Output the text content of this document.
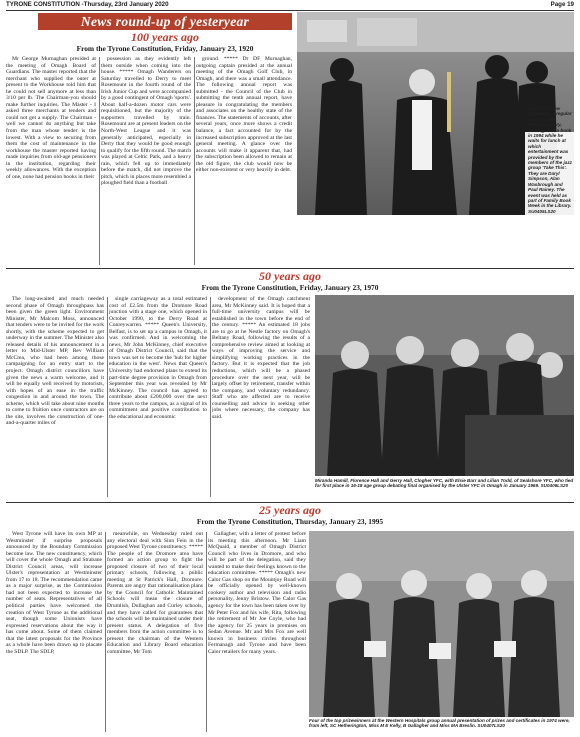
TYRONE CONSTITUTION -Thursday, 23rd January 2020	Page 19
News round-up of yesteryear
100 years ago
From the Tyrone Constitution, Friday, January 23, 1920

Mr George Murnaghan presided at the meeting of Omagh Board of Guardians. The master reported that the merchant who supplied the outer at present to the Workhouse told him that he could not sell anymore at less than 3/10 per lb. The Chairman-you should make further inquiries. The Master - I asked three merchants at tenders and could not get a supply. The Chairman - well we cannot do anything but take from the man whose tender is the lowest. With a view to securing from them the cost of maintenance in the workhouse the master reported having made inquiries from old-age pensioners in the institution, regarding their weekly allowances. With the exception of one, none had pension books in their

possession as they evidently left them outside when coming into the house. ***** Omagh Wanderers on Saturday travelled to Derry to meet Rosemount in the fourth round of the Irish Junior Cup and were accompanied by a good contingent of Omagh 'sports'. About half-a-dozen motor cars were requisitioned, but the majority of the supporters travelled by train. Rosemount are at present leaders on the North-West League and it was generally anticipated, especially in Derry that they would be good enough to qualify for the fifth round. The match was played at Celtic Park, and a heavy rain, which fell up to immediately before the match, did not improve the pitch, which in places more resembled a ploughed field than a football

ground. ***** Dr DF Murnaghan, outgoing captain presided at the annual meeting of the Omagh Golf Club, in Omagh, and there was a small attendance. The following annual report was submitted - the Council of the Club in submitting the tenth annual report, have pleasure in congratulating the members and associates on the healthy state of the finances. The statements of accounts, after several years, once more shows a credit balance, a fact accounted for by the increased subscription approved at the last general meeting. A glance over the accounts will make it apparent that, had the subscription been allowed to remain at the old figure, the club would now be either non-existent or very heavily in debt.

LEFT: Mr Drew McGowan, a regular visitor to the Omagh Library, looking over a book in 1994 while he waits for lunch at which entertainment was provided by the members of the jazz group 'Take This'. They are Daryl Simpson, Alan Wasbrough and Paul Rainey. The event was held as part of Family Book Week in the Library. SU0405LS20
50 years ago
From the Tyrone Constitution, Friday, January 23, 1970

The long-awaited and much needed second phase of Omagh throughpass has been given the green light. Environment Minister, Mr Malcom Moss, announced that tenders were to be invited for the work shortly, with the scheme expected to get underway in the summer. The Minister also released details of his announcement in a letter to Mid-Ulster MP, Rev William McCrea, who had been among those campaigning for an entry start to the project. Omagh district councillors have given the news a warm welcome, and it will be equally well received by motorists, with hopes of an ease in the traffic congestion in and around the town. The scheme, which will take about nine months to come to fruition once contractors are on the site, involves the construction of one-and-a-quarter miles of

single carriageway as a total estimated cost of £2.5m from the Dromore Road junction with a stage one, which opened in October 1990, to the Derry Road at Conreywarren. ***** Queen's University, Belfast, is to set up a campus in Omagh, it was confirmed. And in welcoming the news, Mr John McKinney, chief executive of Omagh District Council, said that the town was set to become the 'hub for higher education in the west'. News that Queen's University had endorsed plans to extend its part-time degree provision in Omagh from September this year was revealed by Mr McKinney. The council has agreed to contribute about £200,000 over the next three years to the campus, as a signal of its commitment and positive contribution to the educational and economic

development of the Omagh catchment area, Mr McKinney said. It is hoped that a full-time university campus will be established in the town before the end of the century. ***** An estimated 18 jobs are to go at he Nestle factory on Omagh's Beltany Road, following the results of a comprehensive review aimed at looking at ways of improving the service and simplifying working practices in the factory. But it is expected that the job reductions, which will be a phased procedure over the next year, will be largely offset by retirement, transfer within the company, and voluntary redundancy. Staff who are affected are to receive counselling and advice in seeking other jobs where necessary, the company has said.

Miranda Hamill, Florence Hall and Gerry Hall, Clogher YFC, with Elsie Barr and Lilian Todd, of Sealshore YFC, who tied for first place in 16-18 age group debating final organised by the Ulster YFC in Omagh in January 1969. SU0406LS20
25 years ago
From the Tyrone Constitution, Thursday, January 23, 1995

West Tyrone will have its own MP at Westminster if surprise proposals announced by the Boundary Commission become law. The new constituency, which will cover the whole Omagh and Strabane District Council areas, will increase Ulster's representation at Westminster from 17 to 18. The recommendation came as a major surprise, as the Commission had not been expected to increase the number of seats. Representatives of all political parties have welcomed the creation of West Tyrone as the additional seat, though some Unionists have expressed reservations about the way it has come about. Some of them claimed that the latest proposals for the Province as a whole have been drawn up to placate the SDLP. The SDLP,

meanwhile, on Wednesday ruled out any electoral deal with Sinn Fein in the proposed West Tyrone constituency. ***** The people of the Dromore area have formed an action group to fight the proposed closure of two of their local primary schools, following a public meeting at St Patrick's Hall, Dromore. Parents are angry that rationalisation plans by the Council for Catholic Maintained Schools will mean the closure of Drumlish, Dullaghan and Curley schools, and they have called for guarantees that the schools will be maintained under their present status. A delegation of five members from the action committee is to present the chairman of the Western Education and Library Board education committee, Mr Tom

Gallagher, with a letter of protest before its meeting this afternoon. Mr Liam McQuaid, a member of Omagh District Council who lives in Dromore, and who will be part of the delegation, said they wanted to make their feelings known to the education committee. ***** Omagh's new Calor Gas shop on the Mountjoy Road will be officially opened by well-known cookery author and television and radio personality, Jenny Bristow. The Calor Gas agency for the town has been taken over by Mr Peter Fox and his wife, Rita, following the retirement of Mr Joe Coyle, who had the agency for 25 years in premises on Sedan Avenue. Mr and Mrs Fox are well known in business circles throughout Fermanagh and Tyrone and have been Calor retailers for many years.

Four of the top prizewinners at the Western Hospitals group annual presentation of prizes and certificates in 1974 were, from left, SC Hetherington, Miss M E Kelly, B Gallagher and Miss MA Breslin. SU0407LS20
